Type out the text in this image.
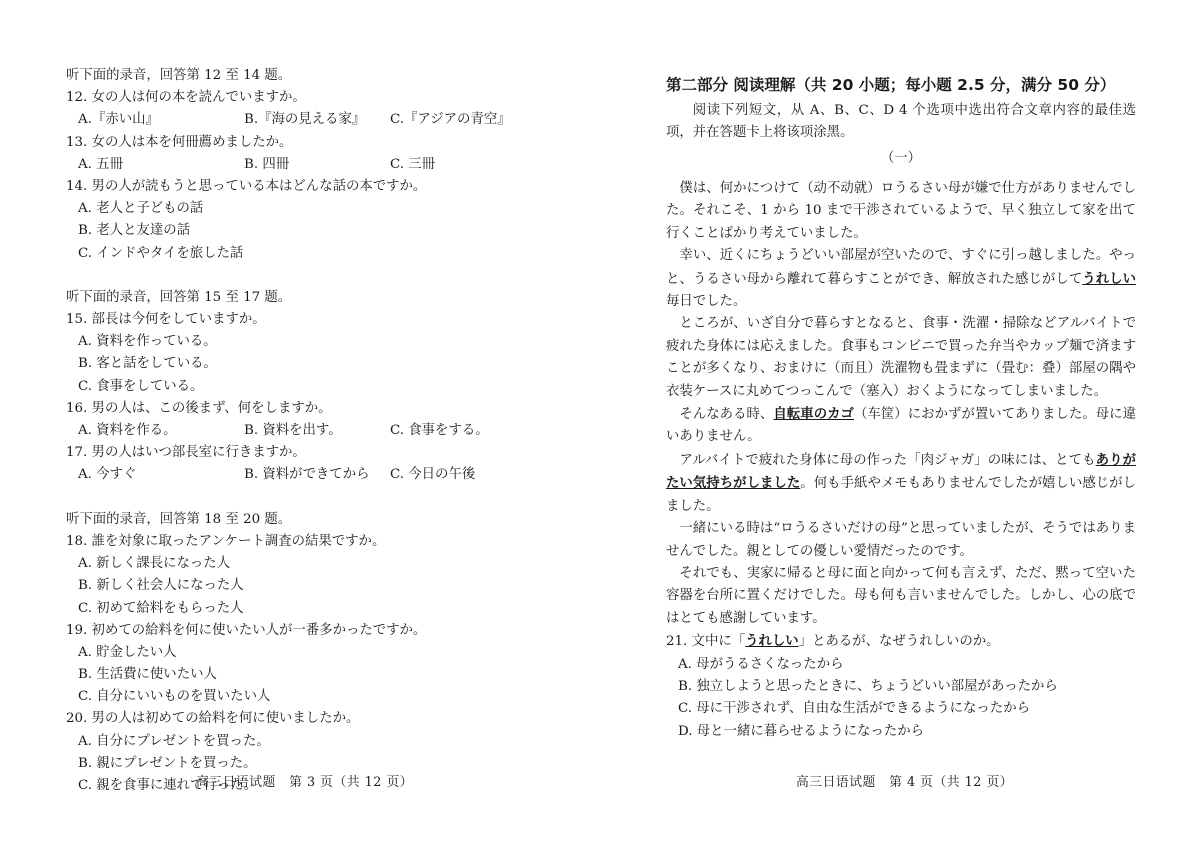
听下面的录音，回答第 12 至 14 题。
12. 女の人は何の本を読んでいますか。
A.『赤い山』	B.『海の見える家』	C.『アジアの青空』
13. 女の人は本を何冊薦めましたか。
A. 五冊	B. 四冊	C. 三冊
14. 男の人が読もうと思っている本はどんな話の本ですか。
A. 老人と子どもの話
B. 老人と友達の話
C. インドやタイを旅した話
听下面的录音，回答第 15 至 17 题。
15. 部長は今何をしていますか。
A. 資料を作っている。
B. 客と話をしている。
C. 食事をしている。
16. 男の人は、この後まず、何をしますか。
A. 資料を作る。	B. 資料を出す。	C. 食事をする。
17. 男の人はいつ部長室に行きますか。
A. 今すぐ	B. 資料ができてから	C. 今日の午後
听下面的录音，回答第 18 至 20 题。
18. 誰を対象に取ったアンケート調査の結果ですか。
A. 新しく課長になった人
B. 新しく社会人になった人
C. 初めて給料をもらった人
19. 初めての給料を何に使いたい人が一番多かったですか。
A. 貯金したい人
B. 生活費に使いたい人
C. 自分にいいものを買いたい人
20. 男の人は初めての給料を何に使いましたか。
A. 自分にプレゼントを買った。
B. 親にプレゼントを買った。
C. 親を食事に連れて行った。
高三日语试题　第 3 页（共 12 页）
第二部分 阅读理解（共 20 小题；每小题 2.5 分，满分 50 分）
阅读下列短文，从 A、B、C、D 4 个选项中选出符合文章内容的最佳选项，并在答题卡上将该项涂黑。
（一）

僕は、何かにつけて（动不动就）ロうるさい母が嫌で仕方がありませんでした。それこそ、1 から 10 まで干渉されているようで、早く独立して家を出て行くことばかり考えていました。

幸い、近くにちょうどいい部屋が空いたので、すぐに引っ越しました。やっと、うるさい母から離れて暮らすことができ、解放された感じがしてうれしい毎日でした。

ところが、いざ自分で暮らすとなると、食事・洗濯・掃除などアルバイトで疲れた身体には応えました。食事もコンビニで買った弁当やカップ麺で済ますことが多くなり、おまけに（而且）洗濯物も畳まずに（畳む：叠）部屋の隅や衣装ケースに丸めてつっこんで（塞入）おくようになってしまいました。

そんなある時、自転車のカゴ（车筐）におかずが置いてありました。母に違いありません。

アルバイトで疲れた身体に母の作った「肉ジャガ」の味には、とてもありがたい気持ちがしました。何も手紙やメモもありませんでしたが嬉しい感じがしました。

一緒にいる時は“ロうるさいだけの母”と思っていましたが、そうではありませんでした。親としての優しい愛情だったのです。

それでも、実家に帰ると母に面と向かって何も言えず、ただ、黙って空いた容器を台所に置くだけでした。母も何も言いませんでした。しかし、心の底ではとても感謝しています。

21. 文中に「うれしい」とあるが、なぜうれしいのか。
A. 母がうるさくなったから
B. 独立しようと思ったときに、ちょうどいい部屋があったから
C. 母に干渉されず、自由な生活ができるようになったから
D. 母と一緒に暮らせるようになったから
高三日语试题　第 4 页（共 12 页）
